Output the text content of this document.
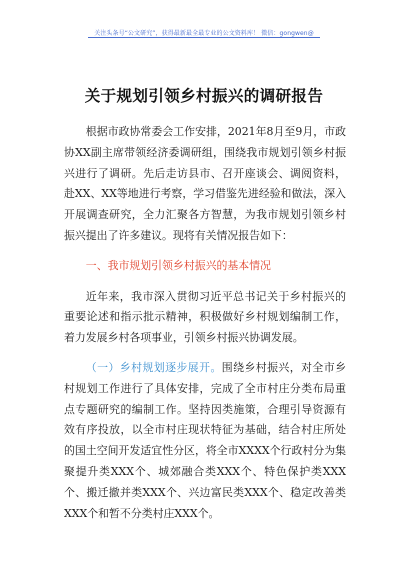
关注头条号“公文研究”，获得最新最全最专业的公文资料库！ 微信：gongwen@
关于规划引领乡村振兴的调研报告

根据市政协常委会工作安排，2021年8月至9月，市政协XX副主席带领经济委调研组，围绕我市规划引领乡村振兴进行了调研。先后走访县市、召开座谈会、调阅资料，赴XX、XX等地进行考察，学习借鉴先进经验和做法，深入开展调查研究，全力汇聚各方智慧，为我市规划引领乡村振兴提出了许多建议。现将有关情况报告如下：

一、我市规划引领乡村振兴的基本情况

近年来，我市深入贯彻习近平总书记关于乡村振兴的重要论述和指示批示精神，积极做好乡村规划编制工作，着力发展乡村各项事业，引领乡村振兴协调发展。

（一）乡村规划逐步展开。围绕乡村振兴，对全市乡村规划工作进行了具体安排，完成了全市村庄分类布局重点专题研究的编制工作。坚持因类施策，合理引导资源有效有序投放，以全市村庄现状特征为基础，结合村庄所处的国土空间开发适宜性分区，将全市XXXX个行政村分为集聚提升类XXX个、城郊融合类XXX个、特色保护类XXX个、搬迁撤并类XXX个、兴边富民类XXX个、稳定改善类XXX个和暂不分类村庄XXX个。
